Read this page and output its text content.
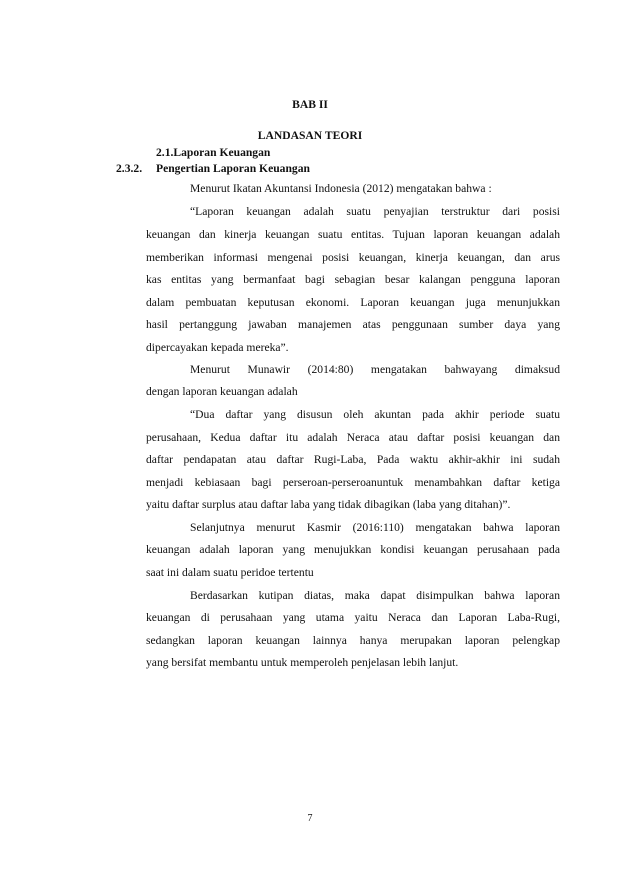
BAB II
LANDASAN TEORI
2.1.Laporan Keuangan
2.3.2. Pengertian Laporan Keuangan
Menurut Ikatan Akuntansi Indonesia (2012) mengatakan bahwa :
“Laporan keuangan adalah suatu penyajian terstruktur dari posisi
keuangan dan kinerja keuangan suatu entitas. Tujuan laporan keuangan adalah
memberikan informasi mengenai posisi keuangan, kinerja keuangan, dan arus
kas entitas yang bermanfaat bagi sebagian besar kalangan pengguna laporan
dalam pembuatan keputusan ekonomi. Laporan keuangan juga menunjukkan
hasil pertanggung jawaban manajemen atas penggunaan sumber daya yang
dipercayakan kepada mereka”.
Menurut Munawir (2014:80) mengatakan bahwayang dimaksud
dengan laporan keuangan adalah
“Dua daftar yang disusun oleh akuntan pada akhir periode suatu
perusahaan, Kedua daftar itu adalah Neraca atau daftar posisi keuangan dan
daftar pendapatan atau daftar Rugi-Laba, Pada waktu akhir-akhir ini sudah
menjadi kebiasaan bagi perseroan-perseroanuntuk menambahkan daftar ketiga
yaitu daftar surplus atau daftar laba yang tidak dibagikan (laba yang ditahan)”.
Selanjutnya menurut Kasmir (2016:110) mengatakan bahwa laporan
keuangan adalah laporan yang menujukkan kondisi keuangan perusahaan pada
saat ini dalam suatu peridoe tertentu
Berdasarkan kutipan diatas, maka dapat disimpulkan bahwa laporan
keuangan di perusahaan yang utama yaitu Neraca dan Laporan Laba-Rugi,
sedangkan laporan keuangan lainnya hanya merupakan laporan pelengkap
yang bersifat membantu untuk memperoleh penjelasan lebih lanjut.
7
